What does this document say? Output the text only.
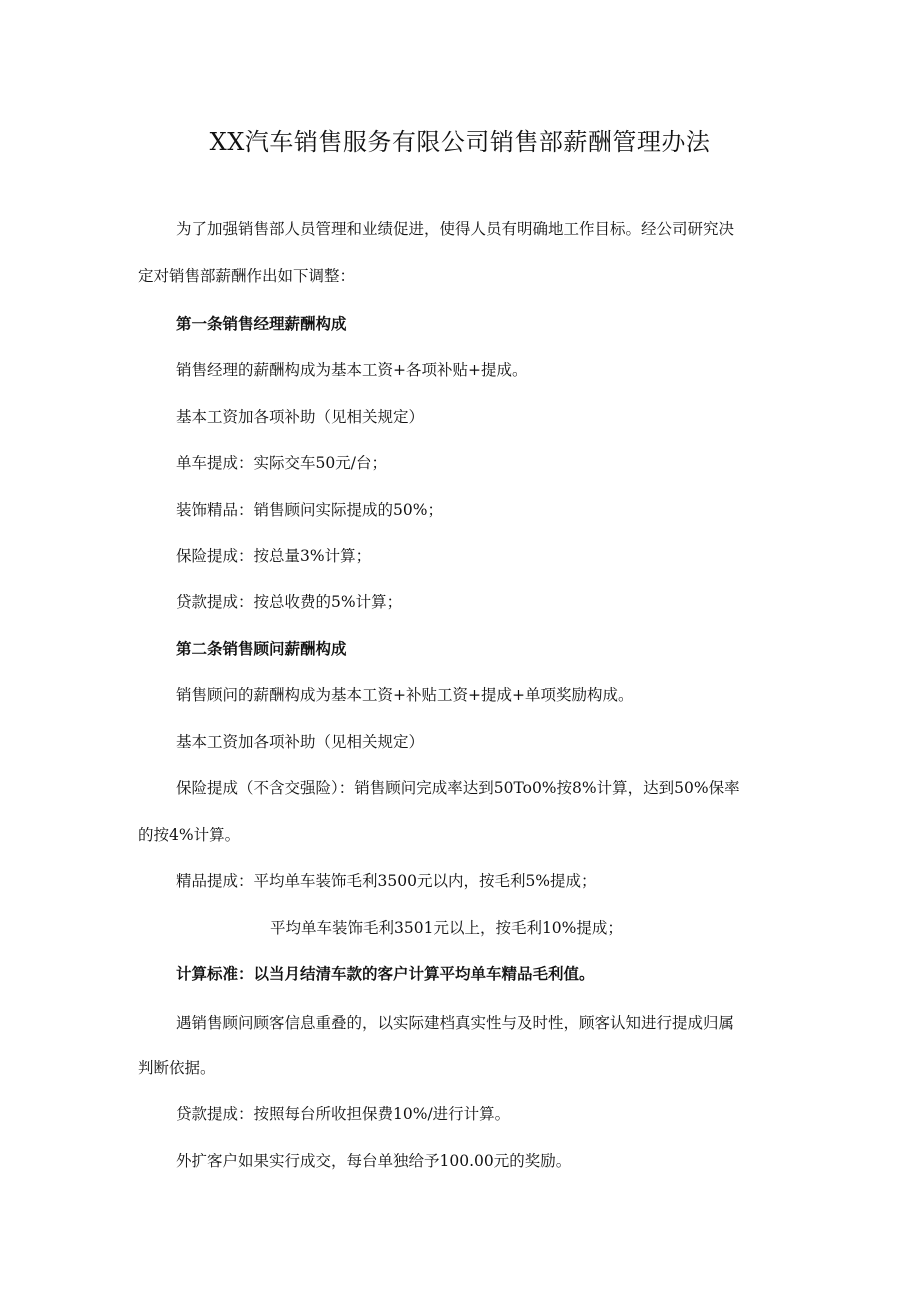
XX汽车销售服务有限公司销售部薪酬管理办法
为了加强销售部人员管理和业绩促进，使得人员有明确地工作目标。经公司研究决
定对销售部薪酬作出如下调整：
第一条销售经理薪酬构成
销售经理的薪酬构成为基本工资+各项补贴+提成。
基本工资加各项补助（见相关规定）
单车提成：实际交车50元/台；
装饰精品：销售顾问实际提成的50%；
保险提成：按总量3%计算；
贷款提成：按总收费的5%计算；
第二条销售顾问薪酬构成
销售顾问的薪酬构成为基本工资+补贴工资+提成+单项奖励构成。
基本工资加各项补助（见相关规定）
保险提成（不含交强险）：销售顾问完成率达到50To0%按8%计算，达到50%保率
的按4%计算。
精品提成：平均单车装饰毛利3500元以内，按毛利5%提成；
平均单车装饰毛利3501元以上，按毛利10%提成；
计算标准：以当月结清车款的客户计算平均单车精品毛利值。
遇销售顾问顾客信息重叠的，以实际建档真实性与及时性，顾客认知进行提成归属
判断依据。
贷款提成：按照每台所收担保费10%/进行计算。
外扩客户如果实行成交，每台单独给予100.00元的奖励。
